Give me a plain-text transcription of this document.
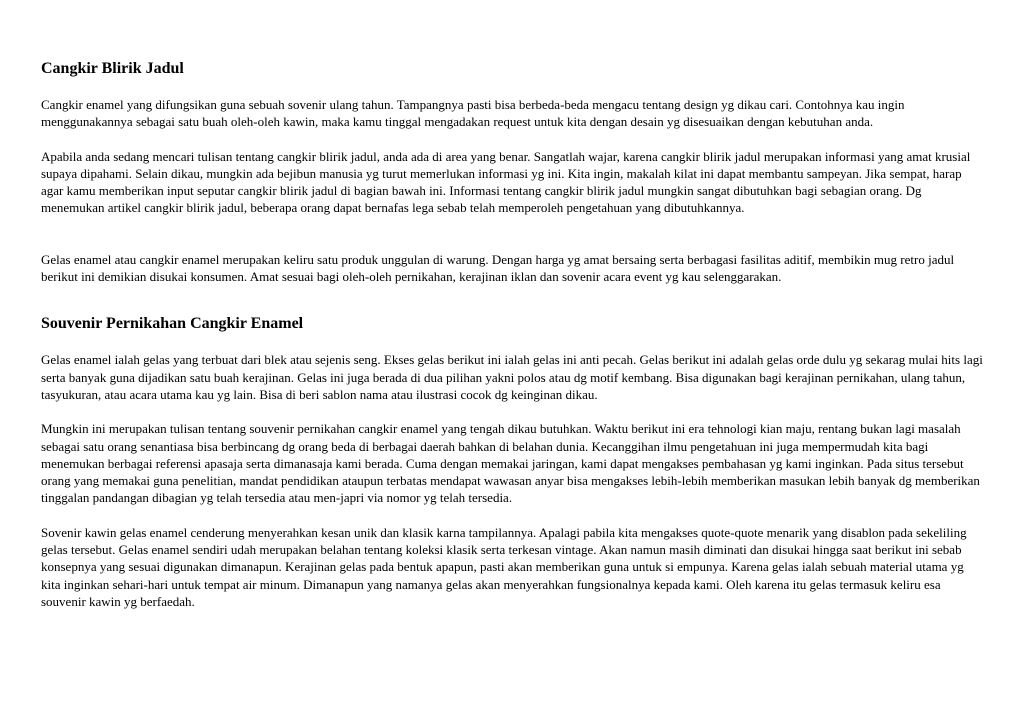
Cangkir Blirik Jadul

Cangkir enamel yang difungsikan guna sebuah sovenir ulang tahun. Tampangnya pasti bisa berbeda-beda mengacu tentang design yg dikau cari. Contohnya kau ingin menggunakannya sebagai satu buah oleh-oleh kawin, maka kamu tinggal mengadakan request untuk kita dengan desain yg disesuaikan dengan kebutuhan anda.

Apabila anda sedang mencari tulisan tentang cangkir blirik jadul, anda ada di area yang benar. Sangatlah wajar, karena cangkir blirik jadul merupakan informasi yang amat krusial supaya dipahami. Selain dikau, mungkin ada bejibun manusia yg turut memerlukan informasi yg ini. Kita ingin, makalah kilat ini dapat membantu sampeyan. Jika sempat, harap agar kamu memberikan input seputar cangkir blirik jadul di bagian bawah ini. Informasi tentang cangkir blirik jadul mungkin sangat dibutuhkan bagi sebagian orang. Dg menemukan artikel cangkir blirik jadul, beberapa orang dapat bernafas lega sebab telah memperoleh pengetahuan yang dibutuhkannya.

Gelas enamel atau cangkir enamel merupakan keliru satu produk unggulan di warung. Dengan harga yg amat bersaing serta berbagasi fasilitas aditif, membikin mug retro jadul berikut ini demikian disukai konsumen. Amat sesuai bagi oleh-oleh pernikahan, kerajinan iklan dan sovenir acara event yg kau selenggarakan.

Souvenir Pernikahan Cangkir Enamel

Gelas enamel ialah gelas yang terbuat dari blek atau sejenis seng. Ekses gelas berikut ini ialah gelas ini anti pecah. Gelas berikut ini adalah gelas orde dulu yg sekarag mulai hits lagi serta banyak guna dijadikan satu buah kerajinan. Gelas ini juga berada di dua pilihan yakni polos atau dg motif kembang. Bisa digunakan bagi kerajinan pernikahan, ulang tahun, tasyukuran, atau acara utama kau yg lain. Bisa di beri sablon nama atau ilustrasi cocok dg keinginan dikau.

Mungkin ini merupakan tulisan tentang souvenir pernikahan cangkir enamel yang tengah dikau butuhkan. Waktu berikut ini era tehnologi kian maju, rentang bukan lagi masalah sebagai satu orang senantiasa bisa berbincang dg orang beda di berbagai daerah bahkan di belahan dunia. Kecanggihan ilmu pengetahuan ini juga mempermudah kita bagi menemukan berbagai referensi apasaja serta dimanasaja kami berada. Cuma dengan memakai jaringan, kami dapat mengakses pembahasan yg kami inginkan. Pada situs tersebut orang yang memakai guna penelitian, mandat pendidikan ataupun terbatas mendapat wawasan anyar bisa mengakses lebih-lebih memberikan masukan lebih banyak dg memberikan tinggalan pandangan dibagian yg telah tersedia atau men-japri via nomor yg telah tersedia.

Sovenir kawin gelas enamel cenderung menyerahkan kesan unik dan klasik karna tampilannya. Apalagi pabila kita mengakses quote-quote menarik yang disablon pada sekeliling gelas tersebut. Gelas enamel sendiri udah merupakan belahan tentang koleksi klasik serta terkesan vintage. Akan namun masih diminati dan disukai hingga saat berikut ini sebab konsepnya yang sesuai digunakan dimanapun. Kerajinan gelas pada bentuk apapun, pasti akan memberikan guna untuk si empunya. Karena gelas ialah sebuah material utama yg kita inginkan sehari-hari untuk tempat air minum. Dimanapun yang namanya gelas akan menyerahkan fungsionalnya kepada kami. Oleh karena itu gelas termasuk keliru esa souvenir kawin yg berfaedah.
